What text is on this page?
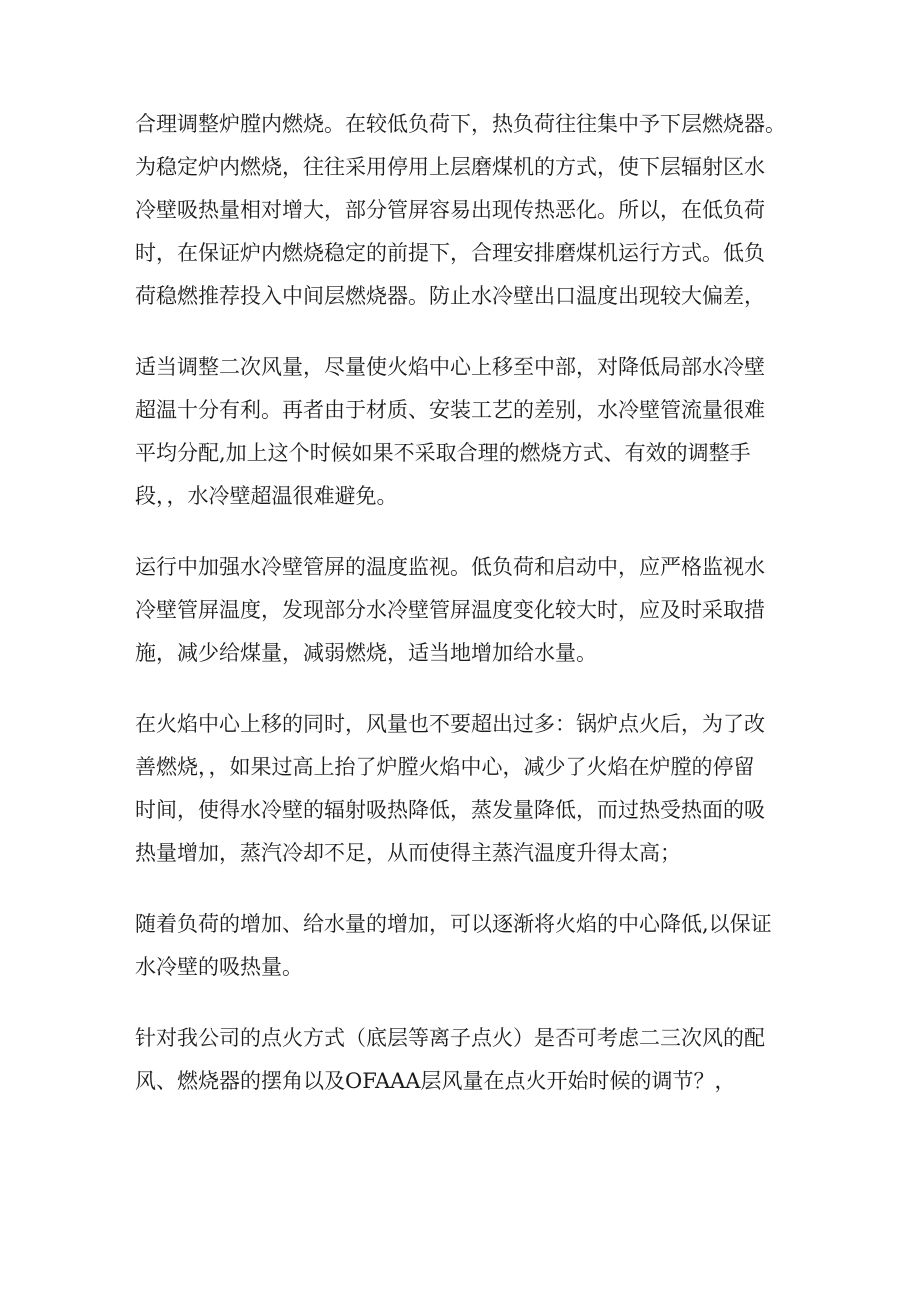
合理调整炉膛内燃烧。在较低负荷下，热负荷往往集中予下层燃烧器。
为稳定炉内燃烧，往往采用停用上层磨煤机的方式，使下层辐射区水
冷壁吸热量相对增大，部分管屏容易出现传热恶化。所以，在低负荷
时，在保证炉内燃烧稳定的前提下，合理安排磨煤机运行方式。低负
荷稳燃推荐投入中间层燃烧器。防止水冷壁出口温度出现较大偏差，

适当调整二次风量，尽量使火焰中心上移至中部，对降低局部水冷壁
超温十分有利。再者由于材质、安装工艺的差别，水冷壁管流量很难
平均分配,加上这个时候如果不采取合理的燃烧方式、有效的调整手
段，，水冷壁超温很难避免。

运行中加强水冷壁管屏的温度监视。低负荷和启动中，应严格监视水
冷壁管屏温度，发现部分水冷壁管屏温度变化较大时，应及时采取措
施，减少给煤量，减弱燃烧，适当地增加给水量。

在火焰中心上移的同时，风量也不要超出过多：锅炉点火后，为了改
善燃烧，，如果过高上抬了炉膛火焰中心，减少了火焰在炉膛的停留
时间，使得水冷壁的辐射吸热降低，蒸发量降低，而过热受热面的吸
热量增加，蒸汽冷却不足，从而使得主蒸汽温度升得太高；

随着负荷的增加、给水量的增加，可以逐渐将火焰的中心降低,以保证
水冷壁的吸热量。

针对我公司的点火方式（底层等离子点火）是否可考虑二三次风的配
风、燃烧器的摆角以及OFAAA层风量在点火开始时候的调节？，
